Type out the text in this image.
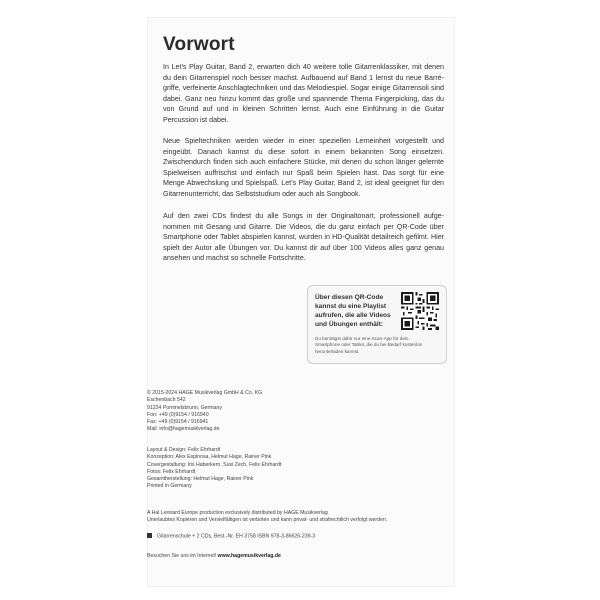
Vorwort

In Let’s Play Guitar, Band 2, erwarten dich 40 weitere tolle Gitarrenklassiker, mit denen du dein Gitarrenspiel noch besser machst. Aufbauend auf Band 1 lernst du neue Barré-griffe, verfeinerte Anschlagtechniken und das Melodiespiel. Sogar einige Gitarrensoli sind dabei. Ganz neu hinzu kommt das große und spannende Thema Fingerpicking, das du von Grund auf und in kleinen Schritten lernst. Auch eine Einführung in die Guitar Percussion ist dabei.

Neue Spieltechniken werden wieder in einer speziellen Lerneinheit vorgestellt und eingeübt. Danach kannst du diese sofort in einem bekannten Song einsetzen. Zwischendurch finden sich auch einfachere Stücke, mit denen du schon länger gelernte Spielweisen auffrischst und einfach nur Spaß beim Spielen hast. Das sorgt für eine Menge Abwechslung und Spielspaß. Let’s Play Guitar, Band 2, ist ideal geeignet für den Gitarrenunterricht, das Selbststudium oder auch als Songbook.

Auf den zwei CDs findest du alle Songs in der Originaltonart, professionell aufge-nommen mit Gesang und Gitarre. Die Videos, die du ganz einfach per QR-Code über Smartphone oder Tablet abspielen kannst, wurden in HD-Qualität detailreich gefilmt. Hier spielt der Autor alle Übungen vor. Du kannst dir auf über 100 Videos alles ganz genau ansehen und machst so schnelle Fortschritte.

Über diesen QR-Code
kannst du eine Playlist
aufrufen, die alle Videos
und Übungen enthält:
Du benötigst dafür nur eine Scan-App für dein
Smartphone oder Tablet, die du bei Bedarf kostenlos
herunterladen kannst.
© 2015-2024 HAGE Musikverlag GmbH & Co. KG
Eschenbach 542
91224 Pommelsbrunn, Germany
Fon: +49 (0)9154 / 916940
Fax: +49 (0)9154 / 916941
Mail: info@hagemusikverlag.de
Layout & Design: Felix Ehrhardt
Konzeption: Alex Espinosa, Helmut Hage, Rainer Pink
Covergestaltung: Iris Haberkern, Susi Zech, Felix Ehrhardt
Fotos: Felix Ehrhardt
Gesamtherstellung: Helmut Hage, Rainer Pink
Printed in Germany
A Hal Leonard Europe production exclusively distributed by HAGE Musikverlag
Unerlaubtes Kopieren und Vervielfältigen ist verboten und kann privat- und strafrechtlich verfolgt werden.
Gitarrenschule + 2 CDs, Best.-Nr. EH 3758 ISBN 978-3-86626-239-3
Besuchen Sie uns im Internet! www.hagemusikverlag.de
